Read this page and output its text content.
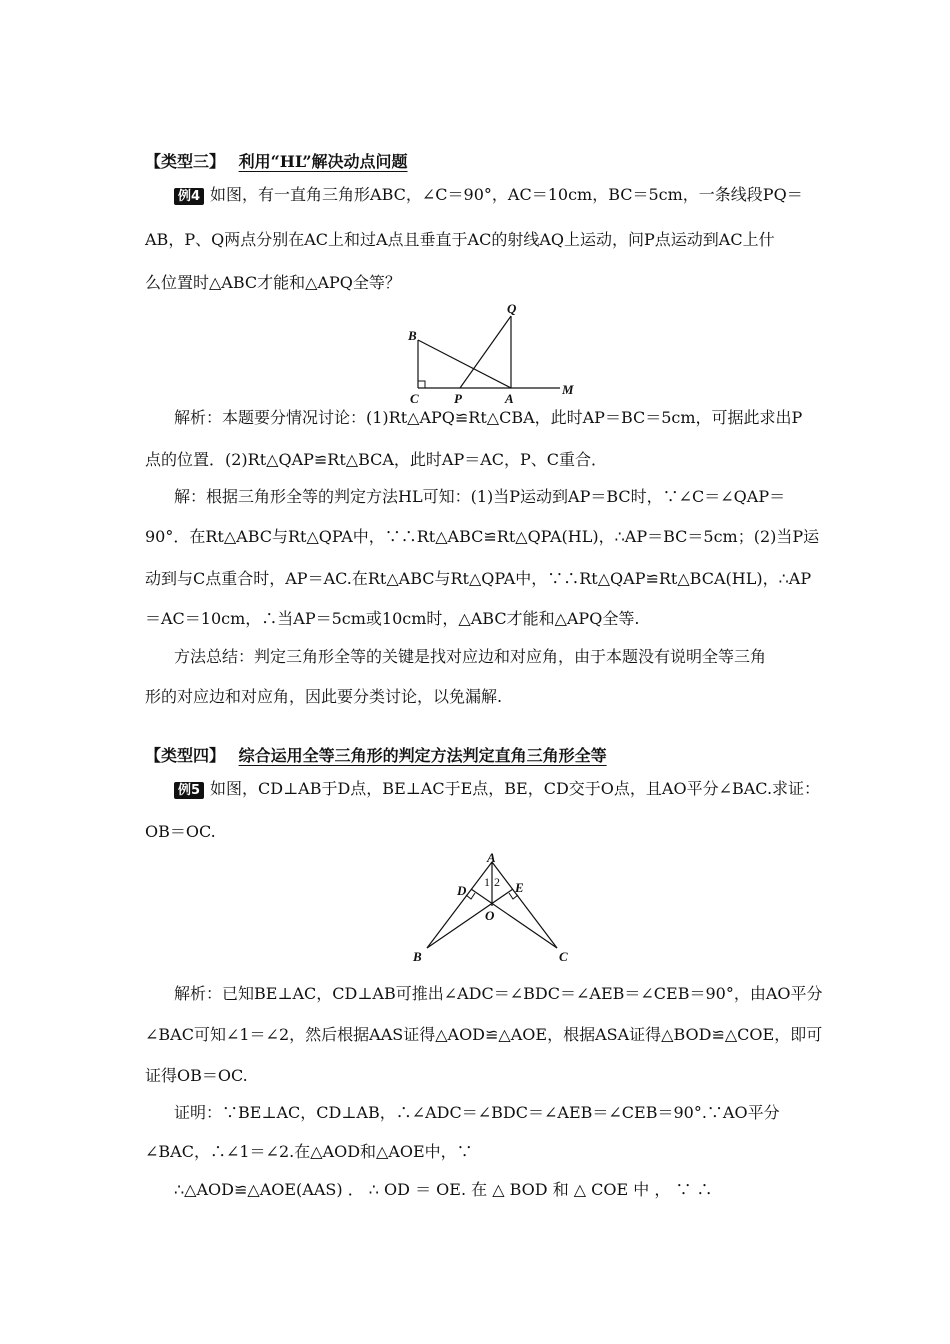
【类型三】 利用“HL”解决动点问题
例4 如图，有一直角三角形ABC，∠C＝90°，AC＝10cm，BC＝5cm，一条线段PQ＝
AB，P、Q两点分别在AC上和过A点且垂直于AC的射线AQ上运动，问P点运动到AC上什
么位置时△ABC才能和△APQ全等？
B
C	P	A
Q
M
解析：本题要分情况讨论：(1)Rt△APQ≌Rt△CBA，此时AP＝BC＝5cm，可据此求出P
点的位置．(2)Rt△QAP≌Rt△BCA，此时AP＝AC，P、C重合．
解：根据三角形全等的判定方法HL可知：(1)当P运动到AP＝BC时，∵∠C＝∠QAP＝
90°．在Rt△ABC与Rt△QPA中，∵∴Rt△ABC≌Rt△QPA(HL)，∴AP＝BC＝5cm；(2)当P运
动到与C点重合时，AP＝AC.在Rt△ABC与Rt△QPA中，∵∴Rt△QAP≌Rt△BCA(HL)，∴AP
＝AC＝10cm，∴当AP＝5cm或10cm时，△ABC才能和△APQ全等.
方法总结：判定三角形全等的关键是找对应边和对应角，由于本题没有说明全等三角
形的对应边和对应角，因此要分类讨论，以免漏解.
【类型四】 综合运用全等三角形的判定方法判定直角三角形全等
例5 如图，CD⊥AB于D点，BE⊥AC于E点，BE，CD交于O点，且AO平分∠BAC.求证：
OB＝OC.
A
D	E
O
B	C
1 2
解析：已知BE⊥AC，CD⊥AB可推出∠ADC＝∠BDC＝∠AEB＝∠CEB＝90°，由AO平分
∠BAC可知∠1＝∠2，然后根据AAS证得△AOD≌△AOE，根据ASA证得△BOD≌△COE，即可
证得OB＝OC.
证明：∵BE⊥AC，CD⊥AB，∴∠ADC＝∠BDC＝∠AEB＝∠CEB＝90°.∵AO平分
∠BAC，∴∠1＝∠2.在△AOD和△AOE中，∵
∴△AOD≌△AOE(AAS) ． ∴ OD ＝ OE. 在 △ BOD 和 △ COE 中 ， ∵ ∴
